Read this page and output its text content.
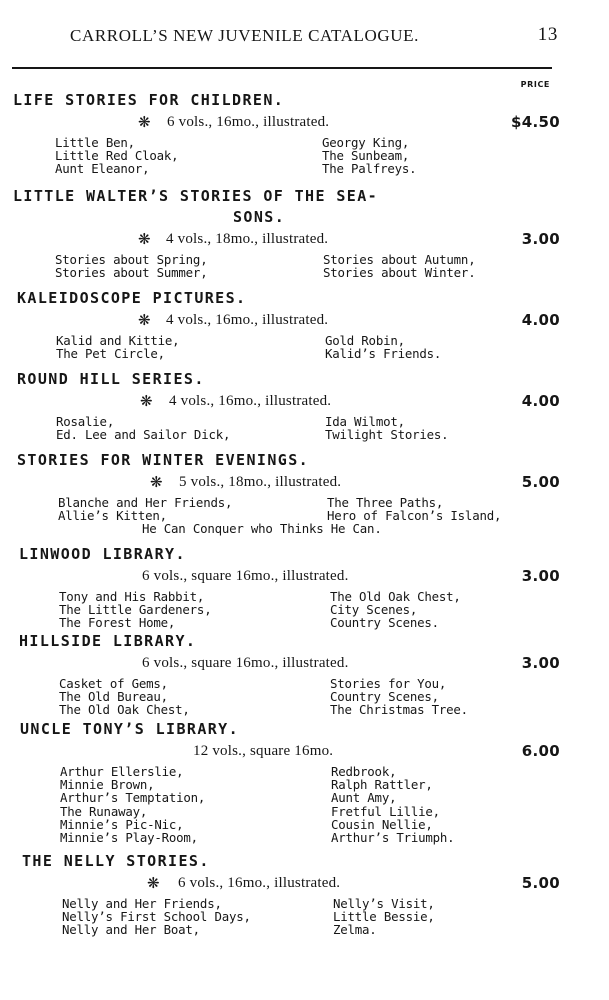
CARROLL’S NEW JUVENILE CATALOGUE.	13
PRICE
LIFE STORIES FOR CHILDREN.
❋ 6 vols., 16mo., illustrated.	$4.50
Little Ben,	Georgy King,
Little Red Cloak,	The Sunbeam,
Aunt Eleanor,	The Palfreys.
LITTLE WALTER’S STORIES OF THE SEA-
SONS.
❋ 4 vols., 18mo., illustrated.	3.00
Stories about Spring,	Stories about Autumn,
Stories about Summer,	Stories about Winter.
KALEIDOSCOPE PICTURES.
❋ 4 vols., 16mo., illustrated.	4.00
Kalid and Kittie,	Gold Robin,
The Pet Circle,	Kalid’s Friends.
ROUND HILL SERIES.
❋ 4 vols., 16mo., illustrated.	4.00
Rosalie,	Ida Wilmot,
Ed. Lee and Sailor Dick,	Twilight Stories.
STORIES FOR WINTER EVENINGS.
❋ 5 vols., 18mo., illustrated.	5.00
Blanche and Her Friends,	The Three Paths,
Allie’s Kitten,	Hero of Falcon’s Island,
He Can Conquer who Thinks He Can.
LINWOOD LIBRARY.
6 vols., square 16mo., illustrated.	3.00
Tony and His Rabbit,	The Old Oak Chest,
The Little Gardeners,	City Scenes,
The Forest Home,	Country Scenes.
HILLSIDE LIBRARY.
6 vols., square 16mo., illustrated.	3.00
Casket of Gems,	Stories for You,
The Old Bureau,	Country Scenes,
The Old Oak Chest,	The Christmas Tree.
UNCLE TONY’S LIBRARY.
12 vols., square 16mo.	6.00
Arthur Ellerslie,	Redbrook,
Minnie Brown,	Ralph Rattler,
Arthur’s Temptation,	Aunt Amy,
The Runaway,	Fretful Lillie,
Minnie’s Pic-Nic,	Cousin Nellie,
Minnie’s Play-Room,	Arthur’s Triumph.
THE NELLY STORIES.
❋ 6 vols., 16mo., illustrated.	5.00
Nelly and Her Friends,	Nelly’s Visit,
Nelly’s First School Days,	Little Bessie,
Nelly and Her Boat,	Zelma.
